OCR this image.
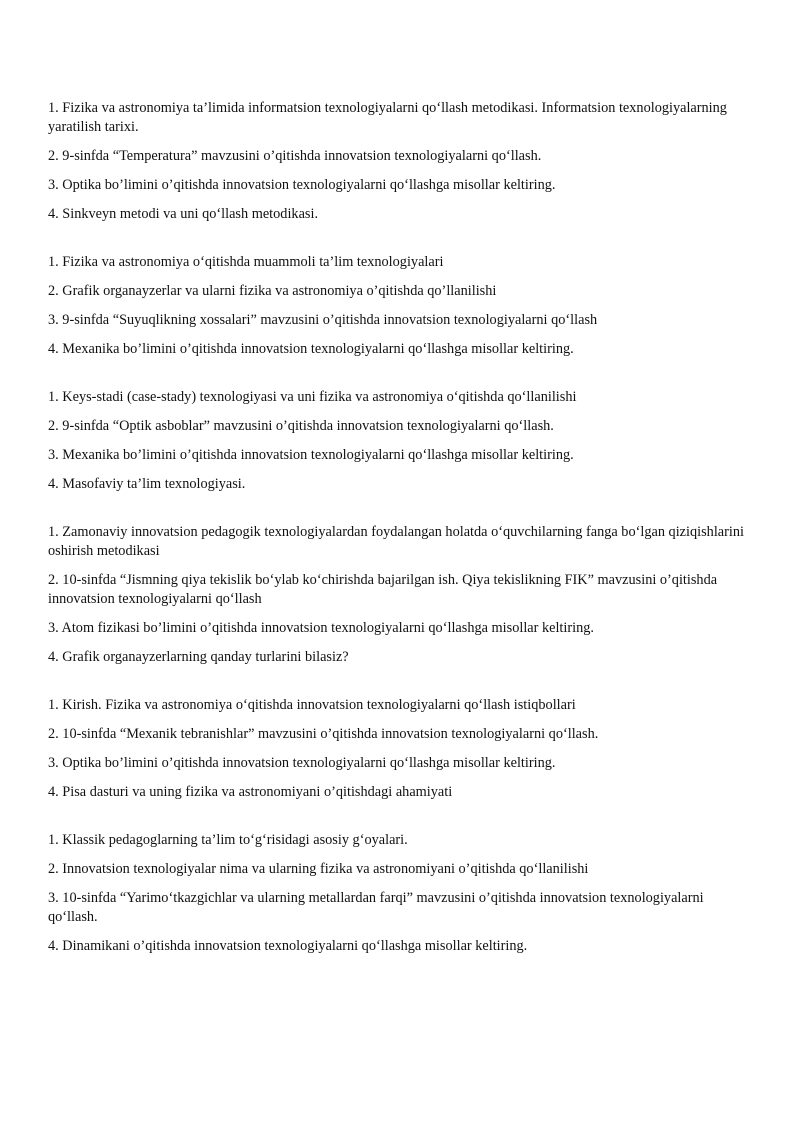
1. Fizika va astronomiya ta’limida informatsion texnologiyalarni qo‘llash metodikasi. Informatsion texnologiyalarning yaratilish tarixi.

2. 9-sinfda “Temperatura” mavzusini o’qitishda innovatsion texnologiyalarni qo‘llash.

3. Optika bo’limini o’qitishda innovatsion texnologiyalarni qo‘llashga misollar keltiring.

4. Sinkveyn metodi va uni qo‘llash metodikasi.

1. Fizika va astronomiya o‘qitishda muammoli ta’lim texnologiyalari

2. Grafik organayzerlar va ularni fizika va astronomiya o’qitishda qo’llanilishi

3. 9-sinfda “Suyuqlikning xossalari” mavzusini o’qitishda innovatsion texnologiyalarni qo‘llash

4. Mexanika bo’limini o’qitishda innovatsion texnologiyalarni qo‘llashga misollar keltiring.

1. Keys-stadi (case-stady) texnologiyasi va uni fizika va astronomiya o‘qitishda qo‘llanilishi

2. 9-sinfda “Optik asboblar” mavzusini o’qitishda innovatsion texnologiyalarni qo‘llash.

3. Mexanika bo’limini o’qitishda innovatsion texnologiyalarni qo‘llashga misollar keltiring.

4. Masofaviy ta’lim texnologiyasi.

1. Zamonaviy innovatsion pedagogik texnologiyalardan foydalangan holatda o‘quvchilarning fanga bo‘lgan qiziqishlarini oshirish metodikasi

2. 10-sinfda “Jismning qiya tekislik bo‘ylab ko‘chirishda bajarilgan ish. Qiya tekislikning FIK” mavzusini o’qitishda innovatsion texnologiyalarni qo‘llash

3. Atom fizikasi bo’limini o’qitishda innovatsion texnologiyalarni qo‘llashga misollar keltiring.

4. Grafik organayzerlarning qanday turlarini bilasiz?

1. Kirish. Fizika va astronomiya o‘qitishda innovatsion texnologiyalarni qo‘llash istiqbollari

2. 10-sinfda “Mexanik tebranishlar” mavzusini o’qitishda innovatsion texnologiyalarni qo‘llash.

3. Optika bo’limini o’qitishda innovatsion texnologiyalarni qo‘llashga misollar keltiring.

4. Pisa dasturi va uning fizika va astronomiyani o’qitishdagi ahamiyati

1. Klassik pedagoglarning ta’lim to‘g‘risidagi asosiy g‘oyalari.

2. Innovatsion texnologiyalar nima va ularning fizika va astronomiyani o’qitishda qo‘llanilishi

3. 10-sinfda “Yarimo‘tkazgichlar va ularning metallardan farqi” mavzusini o’qitishda innovatsion texnologiyalarni qo‘llash.

4. Dinamikani o’qitishda innovatsion texnologiyalarni qo‘llashga misollar keltiring.
